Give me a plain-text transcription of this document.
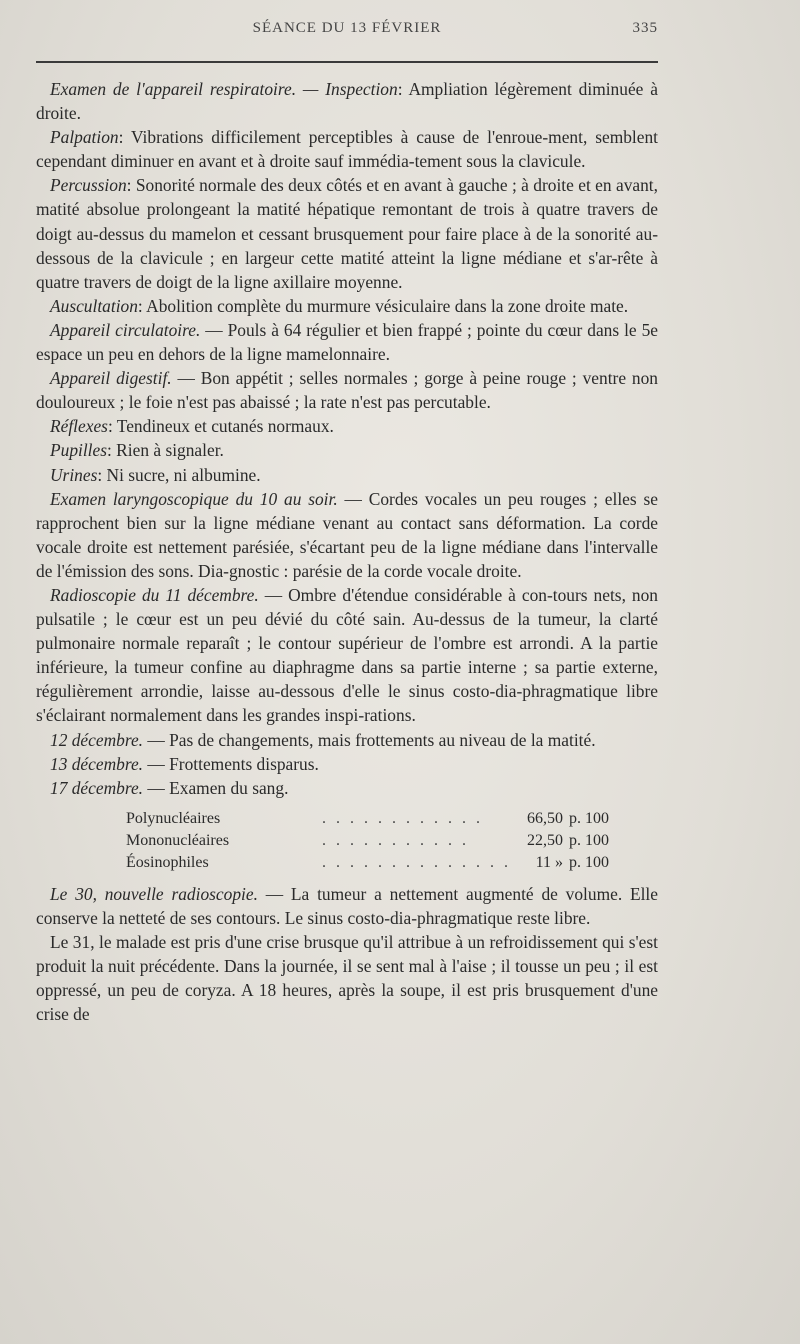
SÉANCE DU 13 FÉVRIER	335

Examen de l'appareil respiratoire. — Inspection: Ampliation légèrement diminuée à droite.

Palpation: Vibrations difficilement perceptibles à cause de l'enroue-ment, semblent cependant diminuer en avant et à droite sauf immédia-tement sous la clavicule.

Percussion: Sonorité normale des deux côtés et en avant à gauche ; à droite et en avant, matité absolue prolongeant la matité hépatique remontant de trois à quatre travers de doigt au-dessus du mamelon et cessant brusquement pour faire place à de la sonorité au-dessous de la clavicule ; en largeur cette matité atteint la ligne médiane et s'ar-rête à quatre travers de doigt de la ligne axillaire moyenne.

Auscultation: Abolition complète du murmure vésiculaire dans la zone droite mate.

Appareil circulatoire. — Pouls à 64 régulier et bien frappé ; pointe du cœur dans le 5e espace un peu en dehors de la ligne mamelonnaire.

Appareil digestif. — Bon appétit ; selles normales ; gorge à peine rouge ; ventre non douloureux ; le foie n'est pas abaissé ; la rate n'est pas percutable.

Réflexes: Tendineux et cutanés normaux.

Pupilles: Rien à signaler.

Urines: Ni sucre, ni albumine.

Examen laryngoscopique du 10 au soir. — Cordes vocales un peu rouges ; elles se rapprochent bien sur la ligne médiane venant au contact sans déformation. La corde vocale droite est nettement parésiée, s'écartant peu de la ligne médiane dans l'intervalle de l'émission des sons. Dia-gnostic : parésie de la corde vocale droite.

Radioscopie du 11 décembre. — Ombre d'étendue considérable à con-tours nets, non pulsatile ; le cœur est un peu dévié du côté sain. Au-dessus de la tumeur, la clarté pulmonaire normale reparaît ; le contour supérieur de l'ombre est arrondi. A la partie inférieure, la tumeur confine au diaphragme dans sa partie interne ; sa partie externe, régulièrement arrondie, laisse au-dessous d'elle le sinus costo-dia-phragmatique libre s'éclairant normalement dans les grandes inspi-rations.

12 décembre. — Pas de changements, mais frottements au niveau de la matité.

13 décembre. — Frottements disparus.

17 décembre. — Examen du sang.

Polynucléaires	. . . . . . . . . . . .	66,50	p. 100
Mononucléaires	. . . . . . . . . . .	22,50	p. 100
Éosinophiles	. . . . . . . . . . . . . .	11 »	p. 100

Le 30, nouvelle radioscopie. — La tumeur a nettement augmenté de volume. Elle conserve la netteté de ses contours. Le sinus costo-dia-phragmatique reste libre.

Le 31, le malade est pris d'une crise brusque qu'il attribue à un refroidissement qui s'est produit la nuit précédente. Dans la journée, il se sent mal à l'aise ; il tousse un peu ; il est oppressé, un peu de coryza. A 18 heures, après la soupe, il est pris brusquement d'une crise de
